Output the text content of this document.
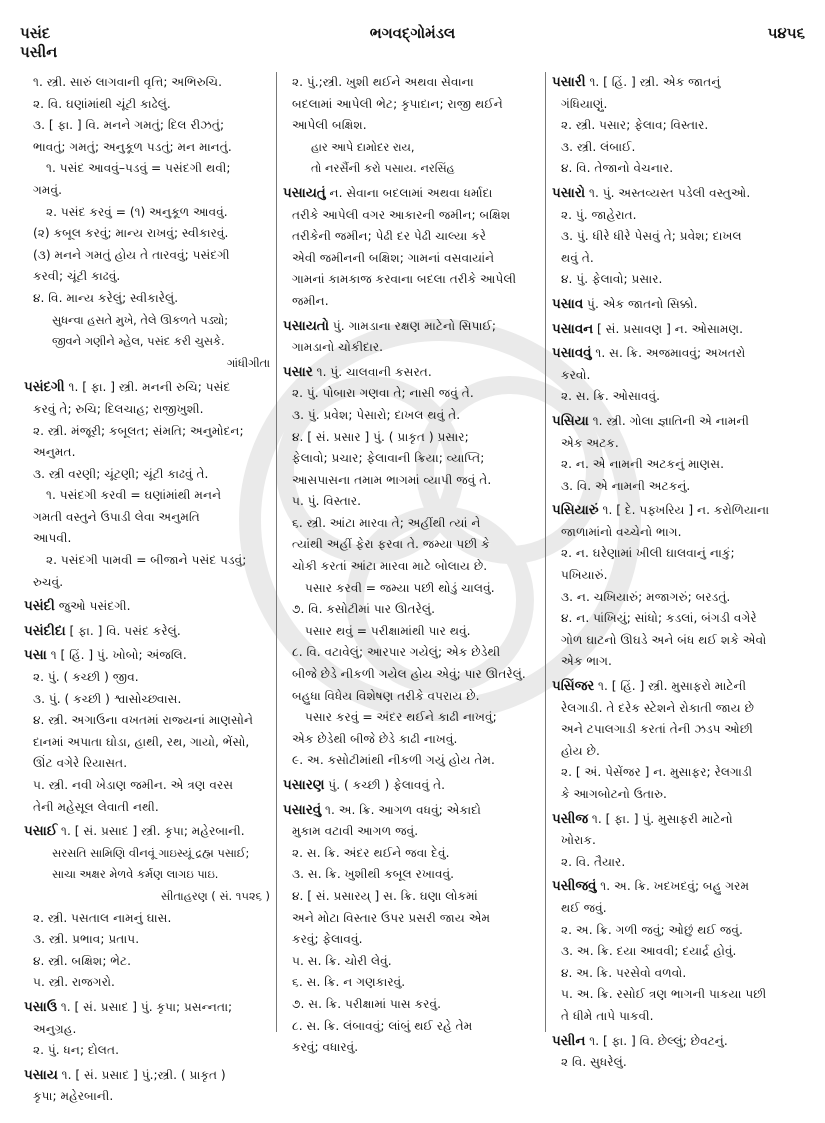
પસંદ
પસીન
ભગવદ્ગોમંડલ	૫૪૫૬
૧. સ્ત્રી. સારું લાગવાની વૃત્તિ; અભિરુચિ.
૨. વિ. ઘણાંમાંથી ચૂંટી કાઢેલું.
૩. [ ફા. ] વિ. મનને ગમતું; દિલ રીઝતું;
ભાવતું; ગમતું; અનુકૂળ પડતું; મન માનતું.
૧. પસંદ આવવું–પડવું = પસંદગી થવી;
ગમવું.
૨. પસંદ કરવું = (૧) અનુકૂળ આવવું.
(૨) કબૂલ કરવું; માન્ય રાખવું; સ્વીકારવું.
(૩) મનને ગમતું હોય તે તારવવું; પસંદગી
કરવી; ચૂંટી કાઢવું.
૪. વિ. માન્ય કરેલું; સ્વીકારેલું.
સુધન્વા હસતે મુખે, તેલે ઊકળતે પડ્યો;
જીવને ગણીને મ્હેલ, પસંદ કરી ચુસકે.
ગાંધીગીતા
પસંદગી ૧. [ ફા. ] સ્ત્રી. મનની રુચિ; પસંદ
કરવું તે; રુચિ; દિલચાહ; રાજીખુશી.
૨. સ્ત્રી. મંજૂરી; કબૂલત; સંમતિ; અનુમોદન;
અનુમત.
૩. સ્ત્રી વરણી; ચૂંટણી; ચૂંટી કાઢવું તે.
૧. પસંદગી કરવી = ઘણાંમાંથી મનને
ગમતી વસ્તુને ઉપાડી લેવા અનુમતિ
આપવી.
૨. પસંદગી પામવી = બીજાને પસંદ પડવું;
રુચવું.
પસંદી જુઓ પસંદગી.
પસંદીદા [ ફા. ] વિ. પસંદ કરેલું.
પસા ૧ [ હિં. ] પું. ખોબો; અંજલિ.
૨. પું. ( કચ્છી ) જીવ.
૩. પું. ( કચ્છી ) શ્વાસોચ્છ્વાસ.
૪. સ્ત્રી. અગાઉના વખતમાં રાજ્યનાં માણસોને
દાનમાં અપાતા ઘોડા, હાથી, રથ, ગાયો, ભેંસો,
ઊંટ વગેરે રિયાસત.
૫. સ્ત્રી. નવી ખેડાણ જમીન. એ ત્રણ વરસ
તેની મહેસૂલ લેવાતી નથી.
પસાઈ ૧. [ સં. પ્રસાદ ] સ્ત્રી. કૃપા; મહેરબાની.
સરસતિ સામિણિ વીનવૂં ગાઇસ્યૂં દ્રહ્મ પસાઈ;
સાચા અક્ષર મેળવે કર્મણ લાગઇ પાઇ.
સીતાહરણ ( સં. ૧૫૨૬ )
૨. સ્ત્રી. પસતાલ નામનું ઘાસ.
૩. સ્ત્રી. પ્રભાવ; પ્રતાપ.
૪. સ્ત્રી. બક્ષિશ; ભેટ.
૫. સ્ત્રી. રાજગરો.
પસાઉ ૧. [ સં. પ્રસાદ ] પું. કૃપા; પ્રસન્નતા;
અનુગ્રહ.
૨. પું. ધન; દોલત.
પસાય ૧. [ સં. પ્રસાદ ] પું.;સ્ત્રી. ( પ્રાકૃત )
કૃપા; મહેરબાની.
૨. પું.;સ્ત્રી. ખુશી થઈને અથવા સેવાના
બદલામાં આપેલી ભેટ; કૃપાદાન; રાજી થઈને
આપેલી બક્ષિશ.
હાર આપે દામોદર રાય,
તો નરસૈંની કરો પસાય. નરસિંહ
પસાયતું ન. સેવાના બદલામાં અથવા ધર્માદા
તરીકે આપેલી વગર આકારની જમીન; બક્ષિશ
તરીકેની જમીન; પેઢી દર પેઢી ચાલ્યા કરે
એવી જમીનની બક્ષિશ; ગામનાં વસવાયાંને
ગામનાં કામકાજ કરવાના બદલા તરીકે આપેલી
જમીન.
પસાયતો પું. ગામડાના રક્ષણ માટેનો સિપાઈ;
ગામડાનો ચોકીદાર.
પસાર ૧. પું. ચાલવાની કસરત.
૨. પું. પોબારા ગણવા તે; નાસી જવું તે.
૩. પું. પ્રવેશ; પેસારો; દાખલ થવું તે.
૪. [ સં. પ્રસાર ] પું. ( પ્રાકૃત ) પ્રસાર;
ફેલાવો; પ્રચાર; ફેલાવાની ક્રિયા; વ્યાપ્તિ;
આસપાસના તમામ ભાગમાં વ્યાપી જવું તે.
૫. પું. વિસ્તાર.
૬. સ્ત્રી. આંટા મારવા તે; અહીંથી ત્યાં ને
ત્યાંથી અહીં ફેરા ફરવા તે. જમ્યા પછી કે
ચોકી કરતાં આંટા મારવા માટે બોલાય છે.
પસાર કરવી = જમ્યા પછી થોડું ચાલવું.
૭. વિ. કસોટીમાં પાર ઊતરેલું.
પસાર થવું = પરીક્ષામાંથી પાર થવું.
૮. વિ. વટાવેલું; આરપાર ગયેલું; એક છેડેથી
બીજે છેડે નીકળી ગયેલ હોય એવું; પાર ઊતરેલું.
બહુધા વિધેય વિશેષણ તરીકે વપરાય છે.
પસાર કરવું = અંદર થઈને કાઢી નાખવું;
એક છેડેથી બીજે છેડે કાઢી નાખવું.
૯. અ. કસોટીમાંથી નીકળી ગયું હોય તેમ.
પસારણ પું. ( કચ્છી ) ફેલાવવું તે.
પસારવું ૧. અ. ક્રિ. આગળ વધવું; એકાદો
મુકામ વટાવી આગળ જવું.
૨. સ. ક્રિ. અંદર થઈને જવા દેવું.
૩. સ. ક્રિ. ખુશીથી કબૂલ રખાવવું.
૪. [ સં. પ્રસારય્ ] સ. ક્રિ. ઘણા લોકમાં
અને મોટા વિસ્તાર ઉપર પ્રસરી જાય એમ
કરવું; ફેલાવવું.
૫. સ. ક્રિ. ચોરી લેવું.
૬. સ. ક્રિ. ન ગણકારવું.
૭. સ. ક્રિ. પરીક્ષામાં પાસ કરવું.
૮. સ. ક્રિ. લંબાવવું; લાંબું થઈ રહે તેમ
કરવું; વધારવું.
પસારી ૧. [ હિં. ] સ્ત્રી. એક જાતનું
ગંધિયાણું.
૨. સ્ત્રી. પસાર; ફેલાવ; વિસ્તાર.
૩. સ્ત્રી. લંબાઈ.
૪. વિ. તેજાનો વેચનાર.
પસારો ૧. પું. અસ્તવ્યસ્ત પડેલી વસ્તુઓ.
૨. પું. જાહેરાત.
૩. પું. ધીરે ધીરે પેસવું તે; પ્રવેશ; દાખલ
થવું તે.
૪. પું. ફેલાવો; પ્રસાર.
પસાવ પું. એક જાતનો સિક્કો.
પસાવન [ સં. પ્રસાવણ ] ન. ઓસામણ.
પસાવવું ૧. સ. ક્રિ. અજમાવવું; અખતરો
કરવો.
૨. સ. ક્રિ. ઓસાવવું.
પસિયા ૧. સ્ત્રી. ગોલા જ્ઞાતિની એ નામની
એક અટક.
૨. ન. એ નામની અટકનું માણસ.
૩. વિ. એ નામની અટકનું.
પસિયારું ૧. [ દે. પફ્ખરિય ] ન. કરોળિયાના
જાળામાંનો વચ્ચેનો ભાગ.
૨. ન. ઘરેણામાં ખીલી ઘાલવાનું નાકું;
પખિયારું.
૩. ન. ચખિયારું; મજાગરું; બરડતું.
૪. ન. પાંખિયું; સાંધો; કડલાં, બંગડી વગેરે
ગોળ ઘાટનો ઊઘડે અને બંધ થઈ શકે એવો
એક ભાગ.
પસિંજર ૧. [ હિં. ] સ્ત્રી. મુસાફરો માટેની
રેલગાડી. તે દરેક સ્ટેશને રોકાતી જાય છે
અને ટપાલગાડી કરતાં તેની ઝડપ ઓછી
હોય છે.
૨. [ અં. પેસેંજર ] ન. મુસાફર; રેલગાડી
કે આગબોટનો ઉતારુ.
પસીજ ૧. [ ફા. ] પું. મુસાફરી માટેનો
ખોરાક.
૨. વિ. તૈયાર.
પસીજવું ૧. અ. ક્રિ. ખદખદવું; બહુ ગરમ
થઈ જવું.
૨. અ. ક્રિ. ગળી જવું; ઓછું થઈ જવું.
૩. અ. ક્રિ. દયા આવવી; દયાર્દ્ર હોવું.
૪. અ. ક્રિ. પરસેવો વળવો.
૫. અ. ક્રિ. રસોઈ ત્રણ ભાગની પાકયા પછી
તે ધીમે તાપે પાકવી.
પસીન ૧. [ ફા. ] વિ. છેલ્લું; છેવટનું.
૨ વિ. સુધરેલું.
